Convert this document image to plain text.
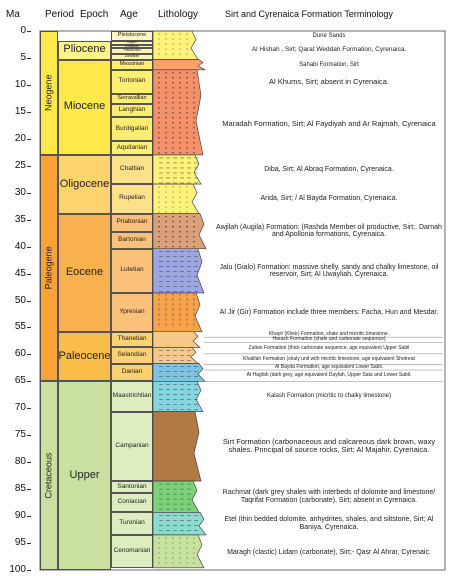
Ma	Period Epoch Age Lithology	Sirt and Cyrenaica Formation Terminology
0
5
10
15
20
25
30
35
40
45
50
55
60
65
70
75
80
85
90
95
100
Cretaceous
Paleogene
Neogene
Pliocene
Miocene
Oligocene
Eocene
Paleocene
Upper
Pleistocene
Upper
Gelasian
Piacenzian
Zanclean
Messinian
Tortonian
Serravallian
Langhian
Burdigalian
Aquitanian
Chattian
Rupelian
Priabonian
Bartonian
Lutetian
Ypresian
Thanetian
Selandian
Danian
Maastrichtian
Campanian
Santonian
Coniacian
Turonian
Cenomanian
Dune Sands
Al Hishah , Sirt; Qarat Weddah Formation, Cyrenaica.
Sahabi Formation, Sirt
Al Khums, Sirt; absent in Cyrenaica.
Maradah Formation, Sirt; Al Faydiyah and Ar Rajmah, Cyrenaica
Diba, Sirt; Al Abraq Formation, Cyrenaica.
Arida, Sirt; / Al Bayda Formation, Cyrenaica.
Awjilah (Augila) Formation: (Rashda Member oil productive, Sirt;. Darnah and Apollonia formations, Cyrenaica.
Jalu (Gialo) Formation: massive shelly, sandy and chalky limestone, oil reservoir, Sirt; Al Uwayliah, Cyrenaica.
Al Jir (Gir) Formation include three members: Facha, Hun and Mesdar.
Khayir (Kheir) Formation, shale and micritic limestone.
Harash Formation (shale and carbonate sequence)
Zaltan Formation (thick carbonate sequence, age equivalent Upper Sabil
Khalifah Formation (shaly unit with micritic limestone, age equivalent Shetreat
Al Bayda Formation, age equivalent Lower Sabil.
Al Hagfah (dark grey, age equivalent Dayfah, Upper Sata and Lower Sabil.
Kalash Formation (micritic to chalky limestone)
Sirt Formation (carbonaceous and calcareous dark brown, waxy shales. Principal oil source rocks, Sirt; Al Majahir, Cyrenaica.
Rachmat (dark grey shales with interbeds of dolomite and limestone/ Taqrifat Formation (carbonate), Sirt; absent in Cyrenaica.
Etel (thin bedded dolomite, anhydrites, shales, and siltstone, Sirt; Al Baniya, Cyrenaica.
Maragh (clastic) Lidam (carbonate), Sirt;- Qasr Al Ahrar, Cyrenaic.
